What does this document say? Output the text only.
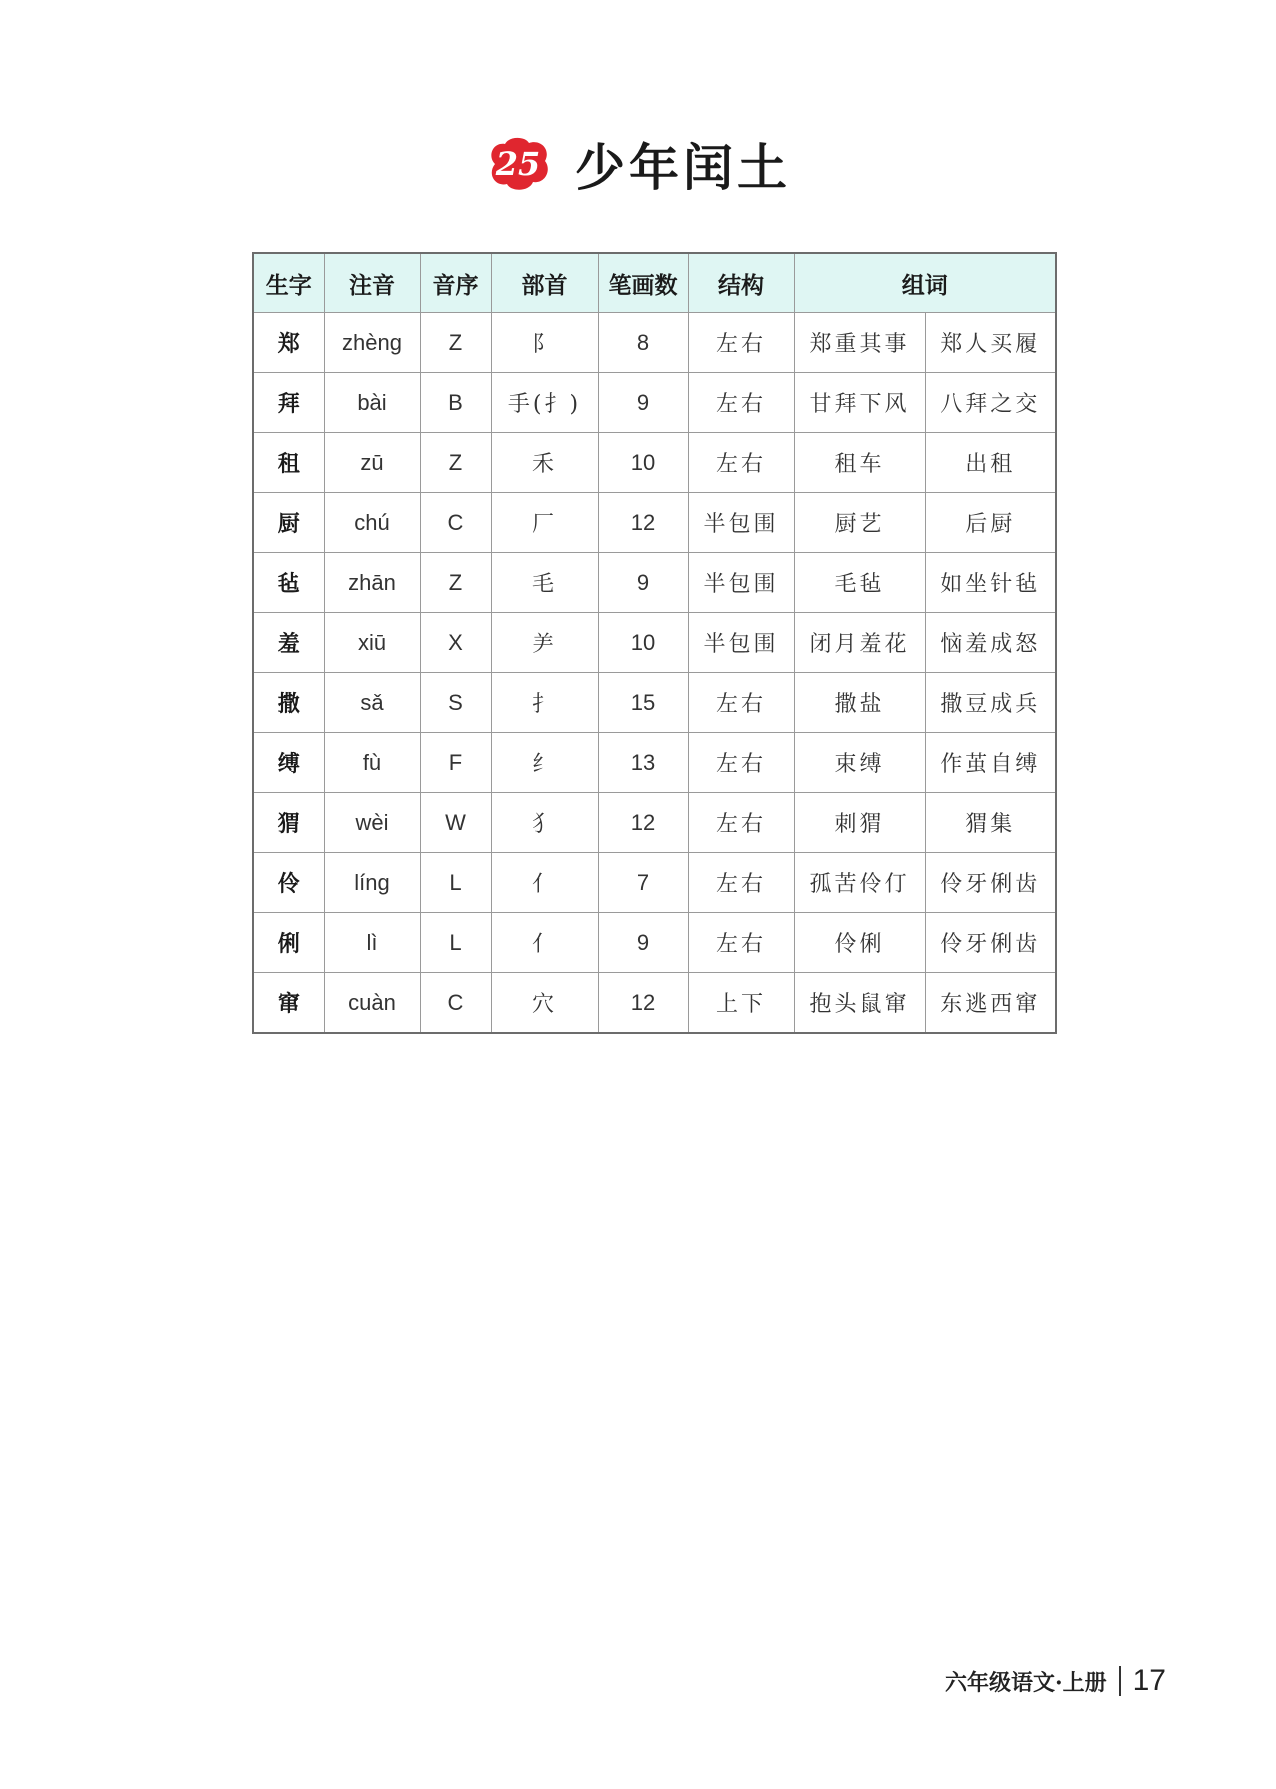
25 少年闰土
生字	注音	音序	部首	笔画数	结构	组词	
郑	zhèng	Z	阝	8	左右	郑重其事	郑人买履
拜	bài	B	手(⺘)	9	左右	甘拜下风	八拜之交
租	zū	Z	禾	10	左右	租车	出租
厨	chú	C	厂	12	半包围	厨艺	后厨
毡	zhān	Z	毛	9	半包围	毛毡	如坐针毡
羞	xiū	X	⺶	10	半包围	闭月羞花	恼羞成怒
撒	sǎ	S	扌	15	左右	撒盐	撒豆成兵
缚	fù	F	纟	13	左右	束缚	作茧自缚
猬	wèi	W	犭	12	左右	刺猬	猬集
伶	líng	L	亻	7	左右	孤苦伶仃	伶牙俐齿
俐	lì	L	亻	9	左右	伶俐	伶牙俐齿
窜	cuàn	C	穴	12	上下	抱头鼠窜	东逃西窜
六年级语文·上册 17
